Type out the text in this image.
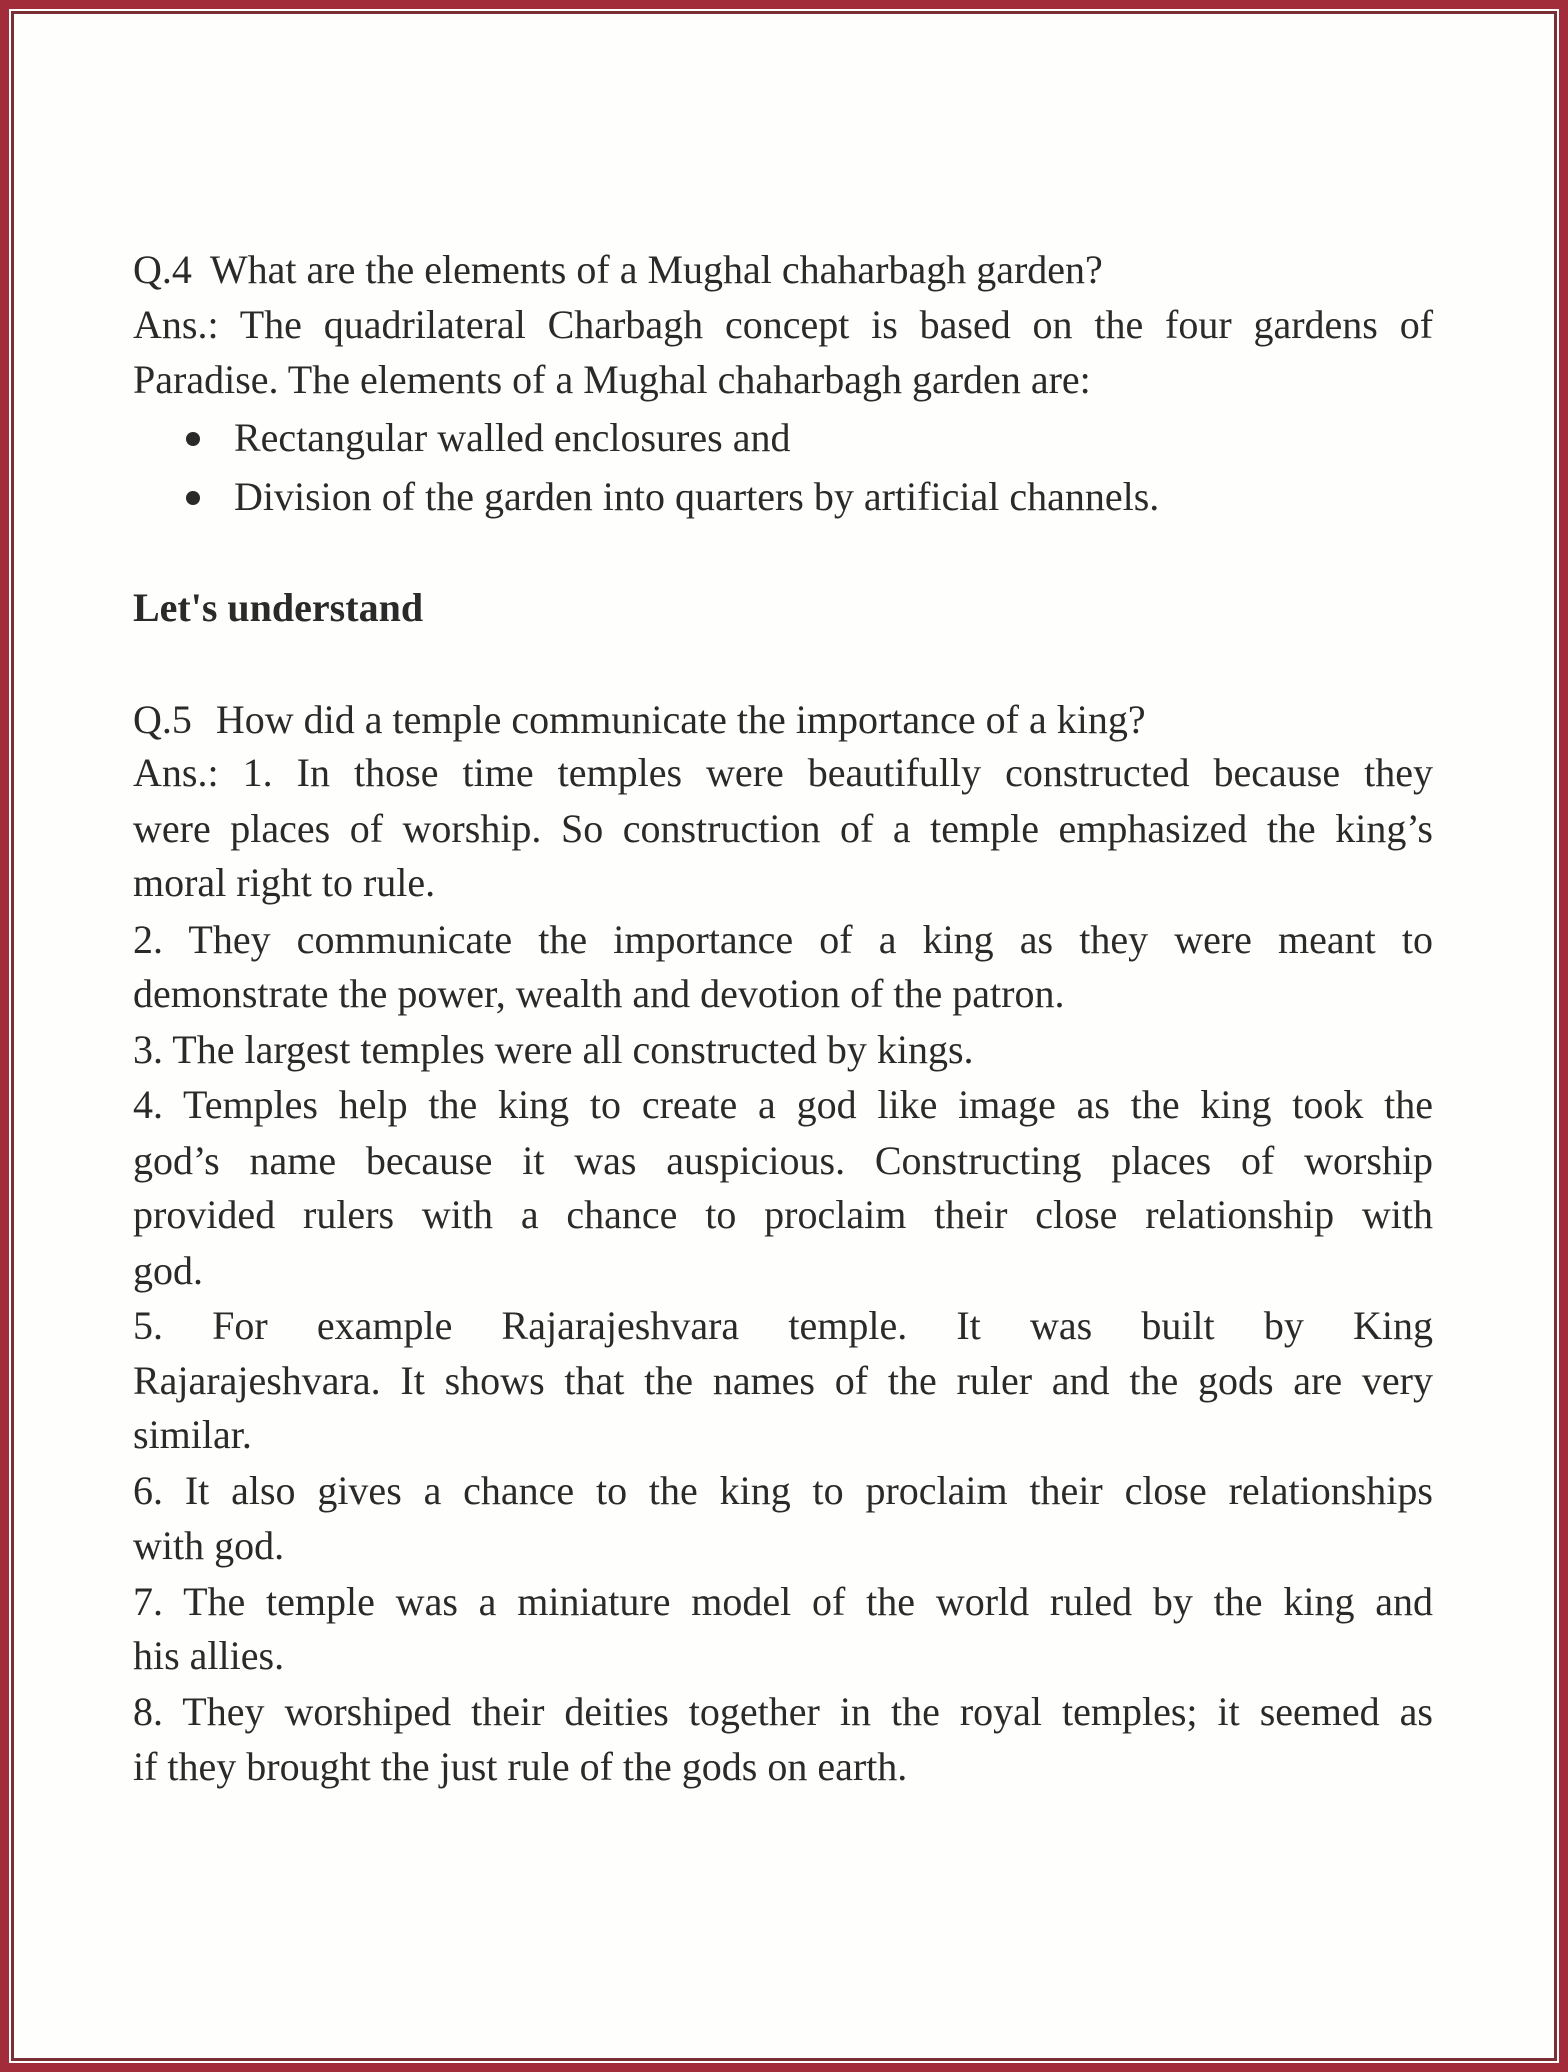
Q.4 What are the elements of a Mughal chaharbagh garden?
Ans.: The quadrilateral Charbagh concept is based on the four gardens of
Paradise. The elements of a Mughal chaharbagh garden are:
Rectangular walled enclosures and
Division of the garden into quarters by artificial channels.
Let's understand
Q.5 How did a temple communicate the importance of a king?
Ans.: 1. In those time temples were beautifully constructed because they
were places of worship. So construction of a temple emphasized the king’s
moral right to rule.
2. They communicate the importance of a king as they were meant to
demonstrate the power, wealth and devotion of the patron.
3. The largest temples were all constructed by kings.
4. Temples help the king to create a god like image as the king took the
god’s name because it was auspicious. Constructing places of worship
provided rulers with a chance to proclaim their close relationship with
god.
5. For example Rajarajeshvara temple. It was built by King
Rajarajeshvara. It shows that the names of the ruler and the gods are very
similar.
6. It also gives a chance to the king to proclaim their close relationships
with god.
7. The temple was a miniature model of the world ruled by the king and
his allies.
8. They worshiped their deities together in the royal temples; it seemed as
if they brought the just rule of the gods on earth.
